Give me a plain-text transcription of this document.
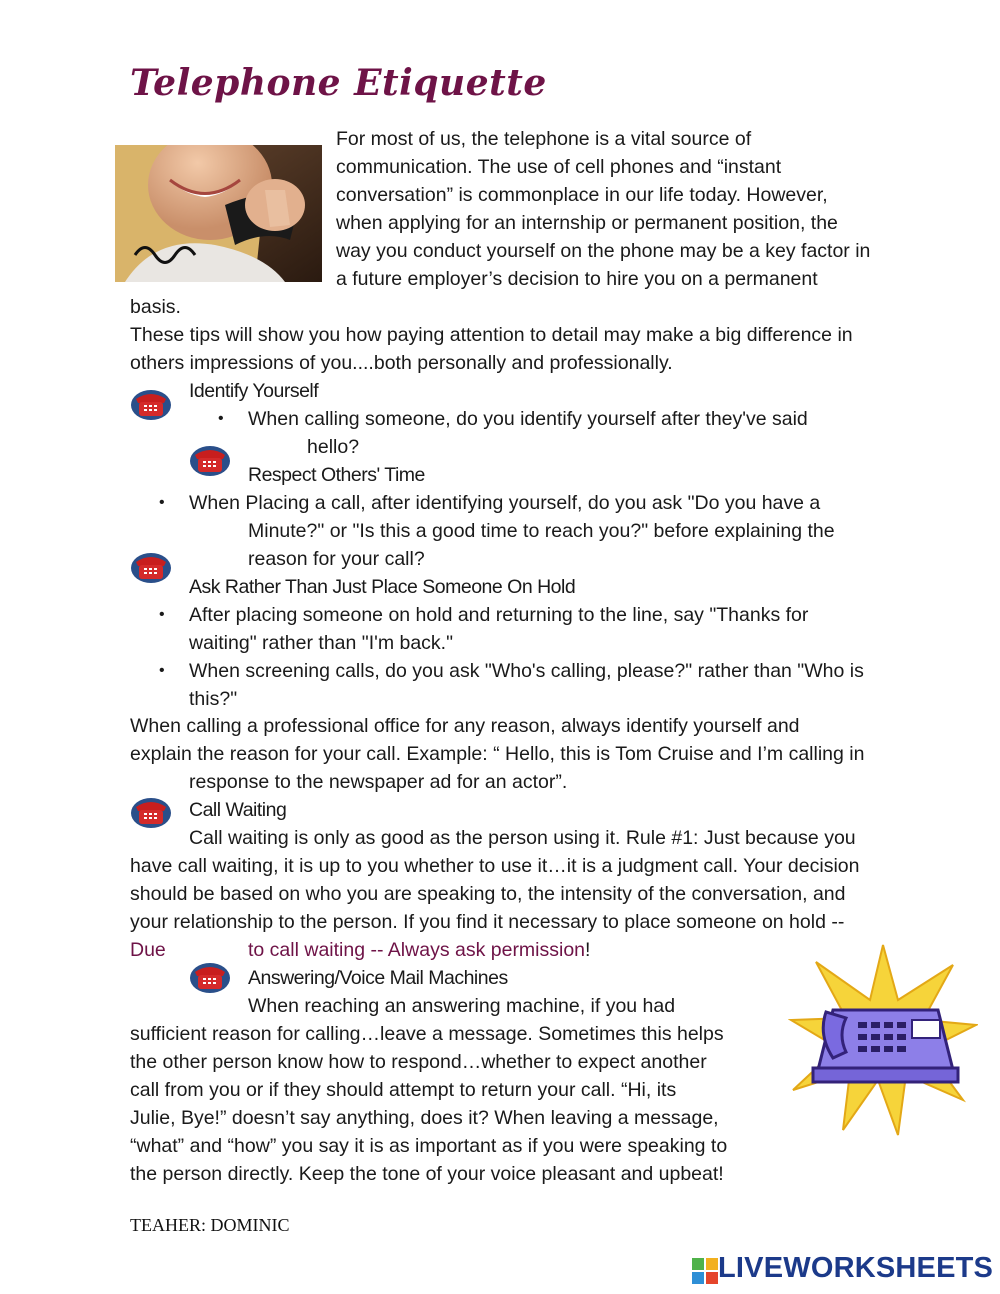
Telephone Etiquette
For most of us, the telephone is a vital source of
communication. The use of cell phones and “instant
conversation” is commonplace in our life today. However,
when applying for an internship or permanent position, the
way you conduct yourself on the phone may be a key factor in
a future employer’s decision to hire you on a permanent
basis.
These tips will show you how paying attention to detail may make a big difference in
others impressions of you....both personally and professionally.
Identify Yourself
• When calling someone, do you identify yourself after they've said
hello?
Respect Others' Time
• When Placing a call, after identifying yourself, do you ask "Do you have a
Minute?" or "Is this a good time to reach you?" before explaining the
reason for your call?
Ask Rather Than Just Place Someone On Hold
• After placing someone on hold and returning to the line, say "Thanks for
waiting" rather than "I'm back."
• When screening calls, do you ask "Who's calling, please?" rather than "Who is
this?"
When calling a professional office for any reason, always identify yourself and
explain the reason for your call. Example: “ Hello, this is Tom Cruise and I’m calling in
response to the newspaper ad for an actor”.
Call Waiting
Call waiting is only as good as the person using it. Rule #1: Just because you
have call waiting, it is up to you whether to use it…it is a judgment call. Your decision
should be based on who you are speaking to, the intensity of the conversation, and
your relationship to the person. If you find it necessary to place someone on hold --
Due	to call waiting -- Always ask permission!
Answering/Voice Mail Machines
When reaching an answering machine, if you had
sufficient reason for calling…leave a message. Sometimes this helps
the other person know how to respond…whether to expect another
call from you or if they should attempt to return your call. “Hi, its
Julie, Bye!” doesn’t say anything, does it? When leaving a message,
“what” and “how” you say it is as important as if you were speaking to
the person directly. Keep the tone of your voice pleasant and upbeat!
TEAHER: DOMINIC
LIVEWORKSHEETS
